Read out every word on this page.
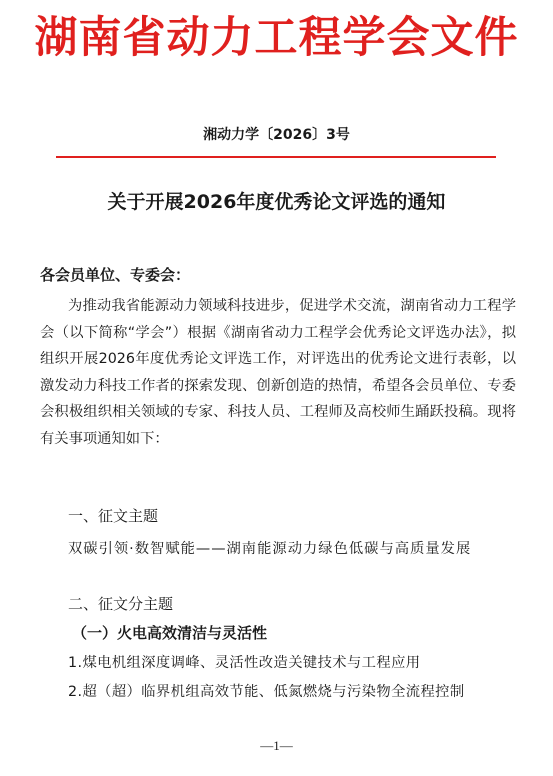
湖南省动力工程学会文件
湘动力学〔2026〕3号
关于开展2026年度优秀论文评选的通知
各会员单位、专委会：

为推动我省能源动力领域科技进步，促进学术交流，湖南省动力工程学会（以下简称“学会”）根据《湖南省动力工程学会优秀论文评选办法》，拟组织开展2026年度优秀论文评选工作，对评选出的优秀论文进行表彰，以激发动力科技工作者的探索发现、创新创造的热情，希望各会员单位、专委会积极组织相关领域的专家、科技人员、工程师及高校师生踊跃投稿。现将有关事项通知如下：

一、征文主题

双碳引领·数智赋能——湖南能源动力绿色低碳与高质量发展

二、征文分主题
（一）火电高效清洁与灵活性
1.煤电机组深度调峰、灵活性改造关键技术与工程应用
2.超（超）临界机组高效节能、低氮燃烧与污染物全流程控制
—1—
